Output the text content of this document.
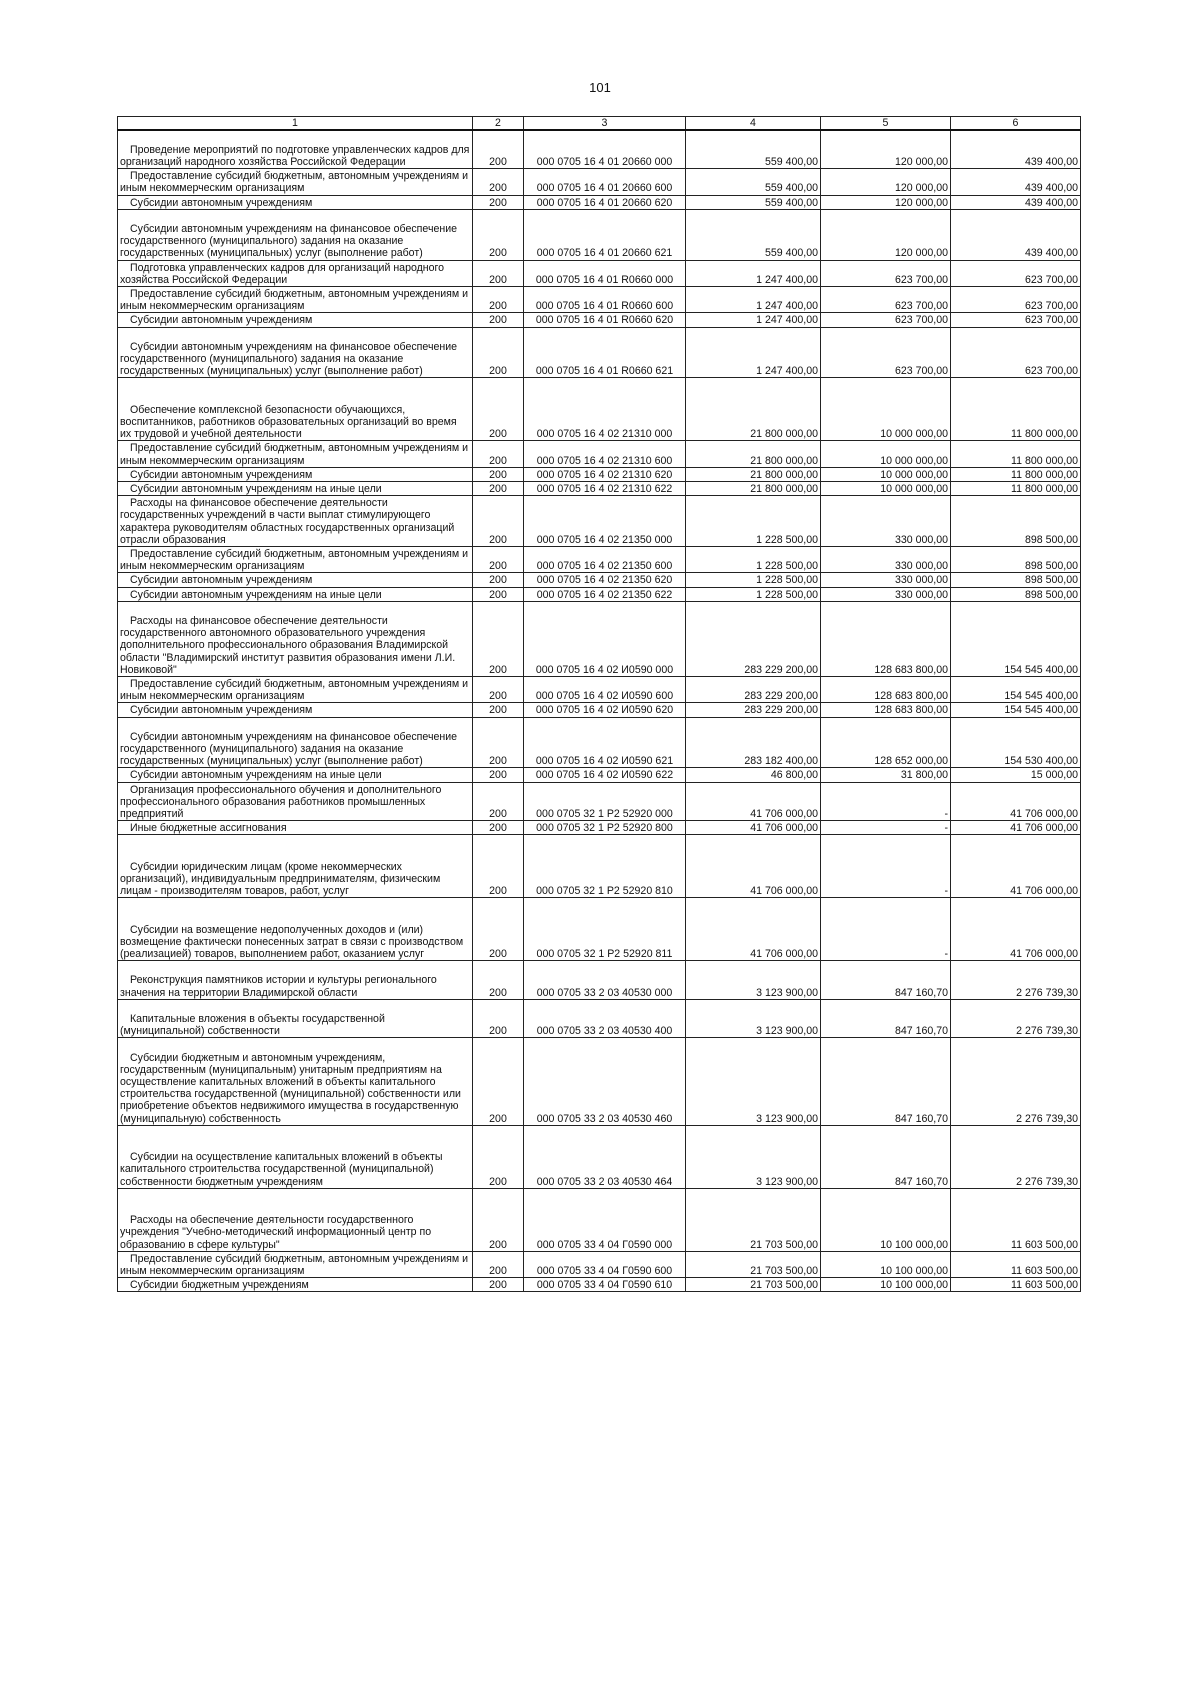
101
1	2	3	4	5	6
Проведение мероприятий по подготовке управленческих кадров для организаций народного хозяйства Российской Федерации	200	000 0705 16 4 01 20660 000	559 400,00	120 000,00	439 400,00
Предоставление субсидий бюджетным, автономным учреждениям и иным некоммерческим организациям	200	000 0705 16 4 01 20660 600	559 400,00	120 000,00	439 400,00
Субсидии автономным учреждениям	200	000 0705 16 4 01 20660 620	559 400,00	120 000,00	439 400,00
Субсидии автономным учреждениям на финансовое обеспечение государственного (муниципального) задания на оказание государственных (муниципальных) услуг (выполнение работ)	200	000 0705 16 4 01 20660 621	559 400,00	120 000,00	439 400,00
Подготовка управленческих кадров для организаций народного хозяйства Российской Федерации	200	000 0705 16 4 01 R0660 000	1 247 400,00	623 700,00	623 700,00
Предоставление субсидий бюджетным, автономным учреждениям и иным некоммерческим организациям	200	000 0705 16 4 01 R0660 600	1 247 400,00	623 700,00	623 700,00
Субсидии автономным учреждениям	200	000 0705 16 4 01 R0660 620	1 247 400,00	623 700,00	623 700,00
Субсидии автономным учреждениям на финансовое обеспечение государственного (муниципального) задания на оказание государственных (муниципальных) услуг (выполнение работ)	200	000 0705 16 4 01 R0660 621	1 247 400,00	623 700,00	623 700,00
Обеспечение комплексной безопасности обучающихся, воспитанников, работников образовательных организаций во время их трудовой и учебной деятельности	200	000 0705 16 4 02 21310 000	21 800 000,00	10 000 000,00	11 800 000,00
Предоставление субсидий бюджетным, автономным учреждениям и иным некоммерческим организациям	200	000 0705 16 4 02 21310 600	21 800 000,00	10 000 000,00	11 800 000,00
Субсидии автономным учреждениям	200	000 0705 16 4 02 21310 620	21 800 000,00	10 000 000,00	11 800 000,00
Субсидии автономным учреждениям на иные цели	200	000 0705 16 4 02 21310 622	21 800 000,00	10 000 000,00	11 800 000,00
Расходы на финансовое обеспечение деятельности государственных учреждений в части выплат стимулирующего характера руководителям областных государственных организаций отрасли образования	200	000 0705 16 4 02 21350 000	1 228 500,00	330 000,00	898 500,00
Предоставление субсидий бюджетным, автономным учреждениям и иным некоммерческим организациям	200	000 0705 16 4 02 21350 600	1 228 500,00	330 000,00	898 500,00
Субсидии автономным учреждениям	200	000 0705 16 4 02 21350 620	1 228 500,00	330 000,00	898 500,00
Субсидии автономным учреждениям на иные цели	200	000 0705 16 4 02 21350 622	1 228 500,00	330 000,00	898 500,00
Расходы на финансовое обеспечение деятельности государственного автономного образовательного учреждения дополнительного профессионального образования Владимирской области "Владимирский институт развития образования имени Л.И. Новиковой"	200	000 0705 16 4 02 И0590 000	283 229 200,00	128 683 800,00	154 545 400,00
Предоставление субсидий бюджетным, автономным учреждениям и иным некоммерческим организациям	200	000 0705 16 4 02 И0590 600	283 229 200,00	128 683 800,00	154 545 400,00
Субсидии автономным учреждениям	200	000 0705 16 4 02 И0590 620	283 229 200,00	128 683 800,00	154 545 400,00
Субсидии автономным учреждениям на финансовое обеспечение государственного (муниципального) задания на оказание государственных (муниципальных) услуг (выполнение работ)	200	000 0705 16 4 02 И0590 621	283 182 400,00	128 652 000,00	154 530 400,00
Субсидии автономным учреждениям на иные цели	200	000 0705 16 4 02 И0590 622	46 800,00	31 800,00	15 000,00
Организация профессионального обучения и дополнительного профессионального образования работников промышленных предприятий	200	000 0705 32 1 P2 52920 000	41 706 000,00	-	41 706 000,00
Иные бюджетные ассигнования	200	000 0705 32 1 P2 52920 800	41 706 000,00	-	41 706 000,00
Субсидии юридическим лицам (кроме некоммерческих организаций), индивидуальным предпринимателям, физическим лицам - производителям товаров, работ, услуг	200	000 0705 32 1 P2 52920 810	41 706 000,00	-	41 706 000,00
Субсидии на возмещение недополученных доходов и (или) возмещение фактически понесенных затрат в связи с производством (реализацией) товаров, выполнением работ, оказанием услуг	200	000 0705 32 1 P2 52920 811	41 706 000,00	-	41 706 000,00
Реконструкция памятников истории и культуры регионального значения на территории Владимирской области	200	000 0705 33 2 03 40530 000	3 123 900,00	847 160,70	2 276 739,30
Капитальные вложения в объекты государственной (муниципальной) собственности	200	000 0705 33 2 03 40530 400	3 123 900,00	847 160,70	2 276 739,30
Субсидии бюджетным и автономным учреждениям, государственным (муниципальным) унитарным предприятиям на осуществление капитальных вложений в объекты капитального строительства государственной (муниципальной) собственности или приобретение объектов недвижимого имущества в государственную (муниципальную) собственность	200	000 0705 33 2 03 40530 460	3 123 900,00	847 160,70	2 276 739,30
Субсидии на осуществление капитальных вложений в объекты капитального строительства государственной (муниципальной) собственности бюджетным учреждениям	200	000 0705 33 2 03 40530 464	3 123 900,00	847 160,70	2 276 739,30
Расходы на обеспечение деятельности государственного учреждения "Учебно-методический информационный центр по образованию в сфере культуры"	200	000 0705 33 4 04 Г0590 000	21 703 500,00	10 100 000,00	11 603 500,00
Предоставление субсидий бюджетным, автономным учреждениям и иным некоммерческим организациям	200	000 0705 33 4 04 Г0590 600	21 703 500,00	10 100 000,00	11 603 500,00
Субсидии бюджетным учреждениям	200	000 0705 33 4 04 Г0590 610	21 703 500,00	10 100 000,00	11 603 500,00
